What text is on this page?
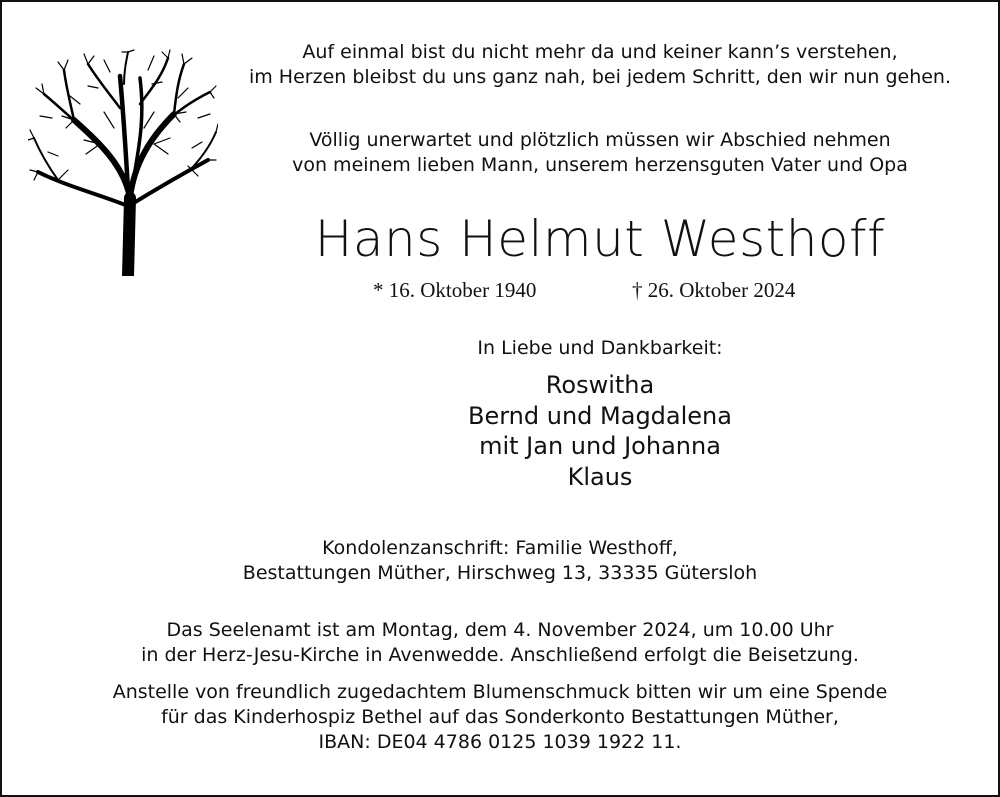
Auf einmal bist du nicht mehr da und keiner kann’s verstehen,
im Herzen bleibst du uns ganz nah, bei jedem Schritt, den wir nun gehen.
Völlig unerwartet und plötzlich müssen wir Abschied nehmen
von meinem lieben Mann, unserem herzensguten Vater und Opa
Hans Helmut Westhoff
* 16. Oktober 1940	† 26. Oktober 2024
In Liebe und Dankbarkeit:
Roswitha
Bernd und Magdalena
mit Jan und Johanna
Klaus
Kondolenzanschrift: Familie Westhoff,
Bestattungen Müther, Hirschweg 13, 33335 Gütersloh
Das Seelenamt ist am Montag, dem 4. November 2024, um 10.00 Uhr
in der Herz-Jesu-Kirche in Avenwedde. Anschließend erfolgt die Beisetzung.
Anstelle von freundlich zugedachtem Blumenschmuck bitten wir um eine Spende
für das Kinderhospiz Bethel auf das Sonderkonto Bestattungen Müther,
IBAN: DE04 4786 0125 1039 1922 11.
